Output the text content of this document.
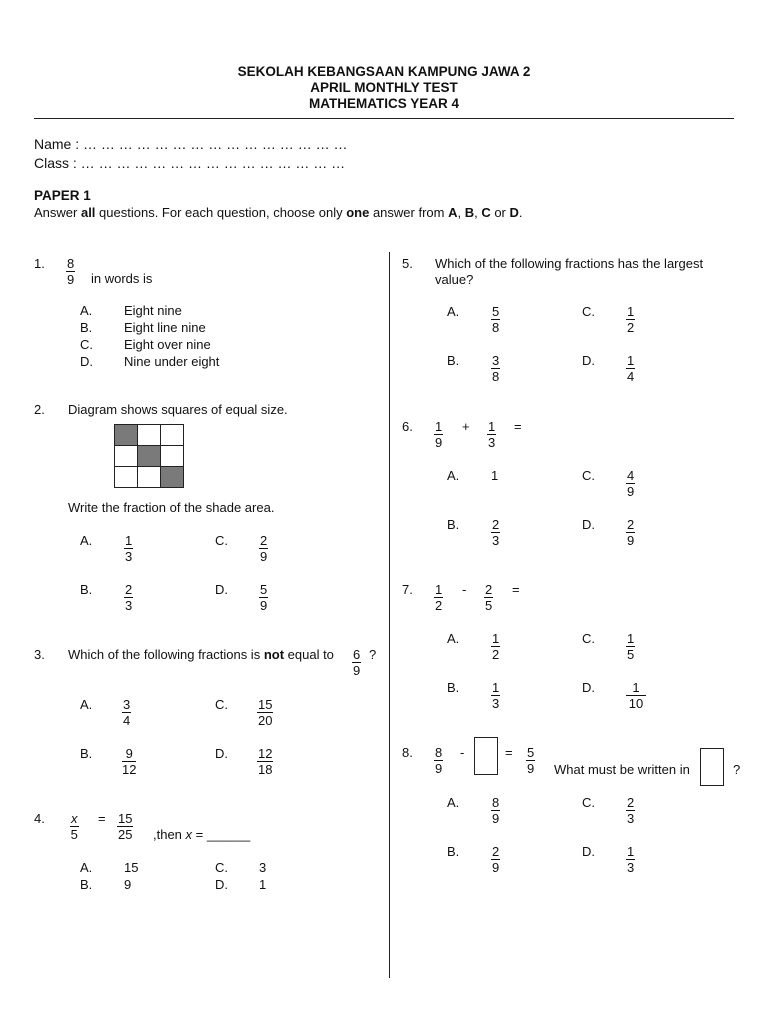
SEKOLAH KEBANGSAAN KAMPUNG JAWA 2
APRIL MONTHLY TEST
MATHEMATICS YEAR 4
Name : … … … … … … … … … … … … … … …
Class : … … … … … … … … … … … … … … …
PAPER 1
Answer all questions. For each question, choose only one answer from A, B, C or D.
1. $\frac{8}{9}$ in words is
A. Eight nine
B. Eight line nine
C. Eight over nine
D. Nine under eight
2. Diagram shows squares of equal size.

Write the fraction of the shade area.
A. $\frac{1}{3}$	C. $\frac{2}{9}$
B. $\frac{2}{3}$	D. $\frac{5}{9}$
3. Which of the following fractions is not equal to $\frac{6}{9}$ ?
A. $\frac{3}{4}$	C. $\frac{15}{20}$
B. $\frac{9}{12}$	D. $\frac{12}{18}$
4. $\frac{x}{5} = \frac{15}{25}$ ,then x = ______
A. 15	C. 3
B. 9	D. 1
5. Which of the following fractions has the largest
value?
A. $\frac{5}{8}$	C. $\frac{1}{2}$
B. $\frac{3}{8}$	D. $\frac{1}{4}$
6. $\frac{1}{9} + \frac{1}{3}$ =
A. 1	C. $\frac{4}{9}$
B. $\frac{2}{3}$	D. $\frac{2}{9}$
7. $\frac{1}{2} - \frac{2}{5}$ =
A. $\frac{1}{2}$	C. $\frac{1}{5}$
B. $\frac{1}{3}$	D. $\frac{1}{10}$
8. $\frac{8}{9}$ -	= $\frac{5}{9}$ What must be written in	?
A. $\frac{8}{9}$	C. $\frac{2}{3}$
B. $\frac{2}{9}$	D. $\frac{1}{3}$
